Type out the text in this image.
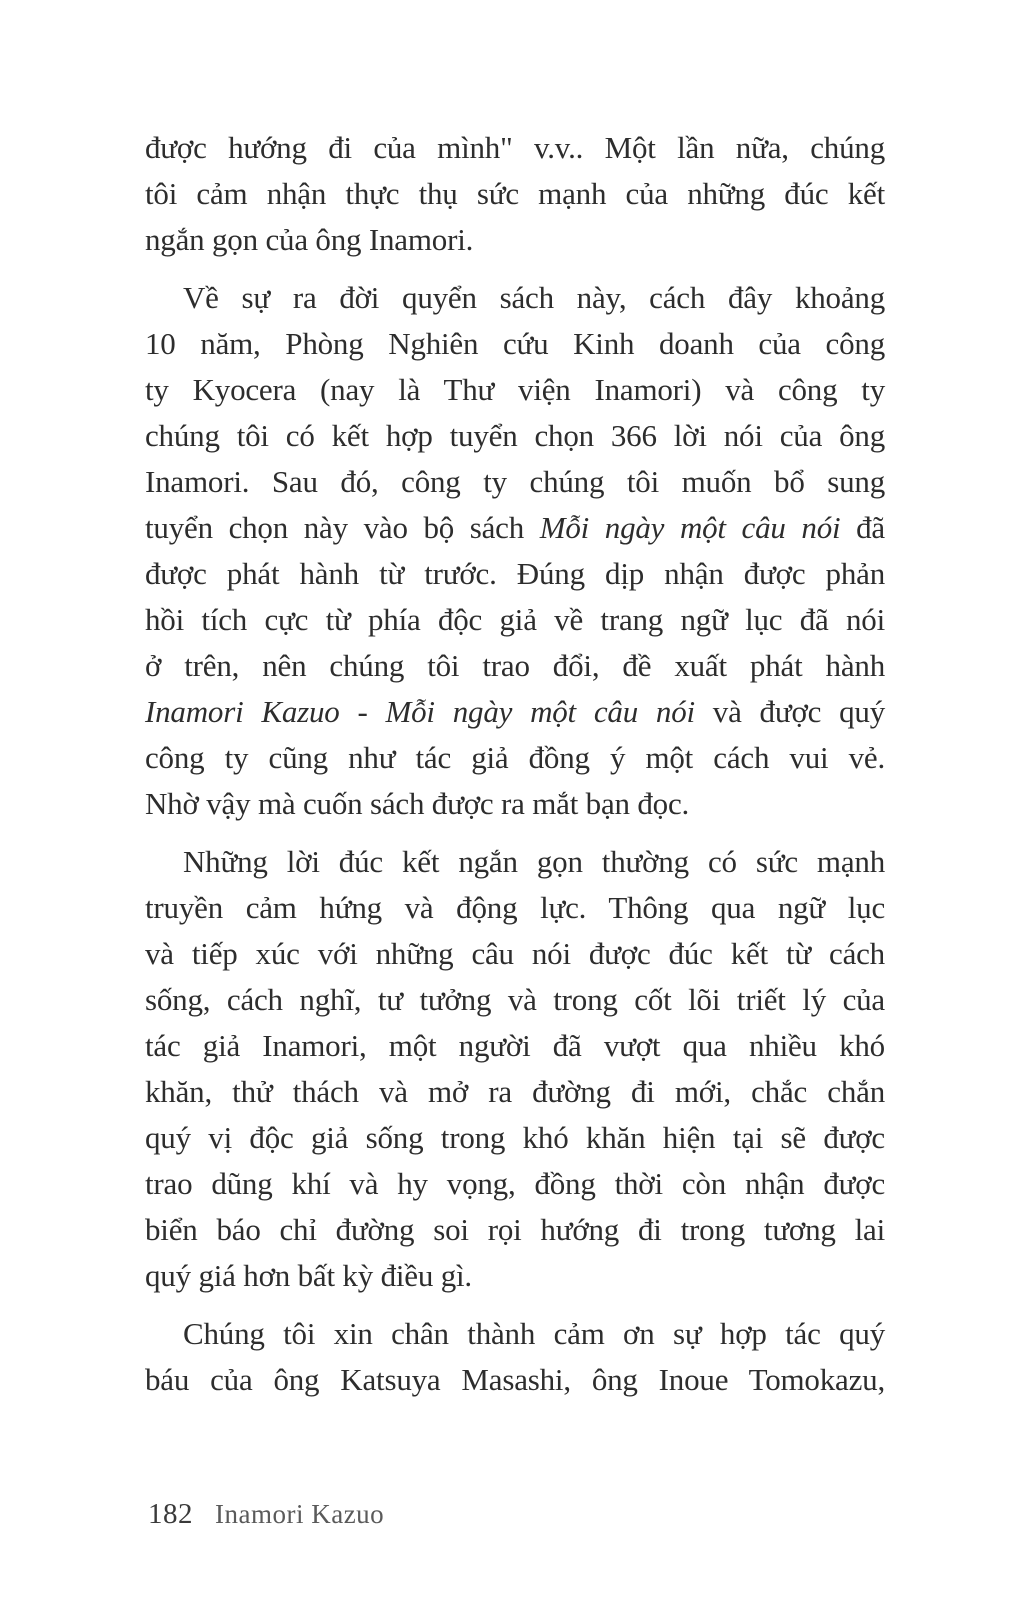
được hướng đi của mình" v.v.. Một lần nữa, chúng
tôi cảm nhận thực thụ sức mạnh của những đúc kết
ngắn gọn của ông Inamori.

Về sự ra đời quyển sách này, cách đây khoảng
10 năm, Phòng Nghiên cứu Kinh doanh của công
ty Kyocera (nay là Thư viện Inamori) và công ty
chúng tôi có kết hợp tuyển chọn 366 lời nói của ông
Inamori. Sau đó, công ty chúng tôi muốn bổ sung
tuyển chọn này vào bộ sách Mỗi ngày một câu nói đã
được phát hành từ trước. Đúng dịp nhận được phản
hồi tích cực từ phía độc giả về trang ngữ lục đã nói
ở trên, nên chúng tôi trao đổi, đề xuất phát hành
Inamori Kazuo - Mỗi ngày một câu nói và được quý
công ty cũng như tác giả đồng ý một cách vui vẻ.
Nhờ vậy mà cuốn sách được ra mắt bạn đọc.

Những lời đúc kết ngắn gọn thường có sức mạnh
truyền cảm hứng và động lực. Thông qua ngữ lục
và tiếp xúc với những câu nói được đúc kết từ cách
sống, cách nghĩ, tư tưởng và trong cốt lõi triết lý của
tác giả Inamori, một người đã vượt qua nhiều khó
khăn, thử thách và mở ra đường đi mới, chắc chắn
quý vị độc giả sống trong khó khăn hiện tại sẽ được
trao dũng khí và hy vọng, đồng thời còn nhận được
biển báo chỉ đường soi rọi hướng đi trong tương lai
quý giá hơn bất kỳ điều gì.

Chúng tôi xin chân thành cảm ơn sự hợp tác quý
báu của ông Katsuya Masashi, ông Inoue Tomokazu,

182 Inamori Kazuo
